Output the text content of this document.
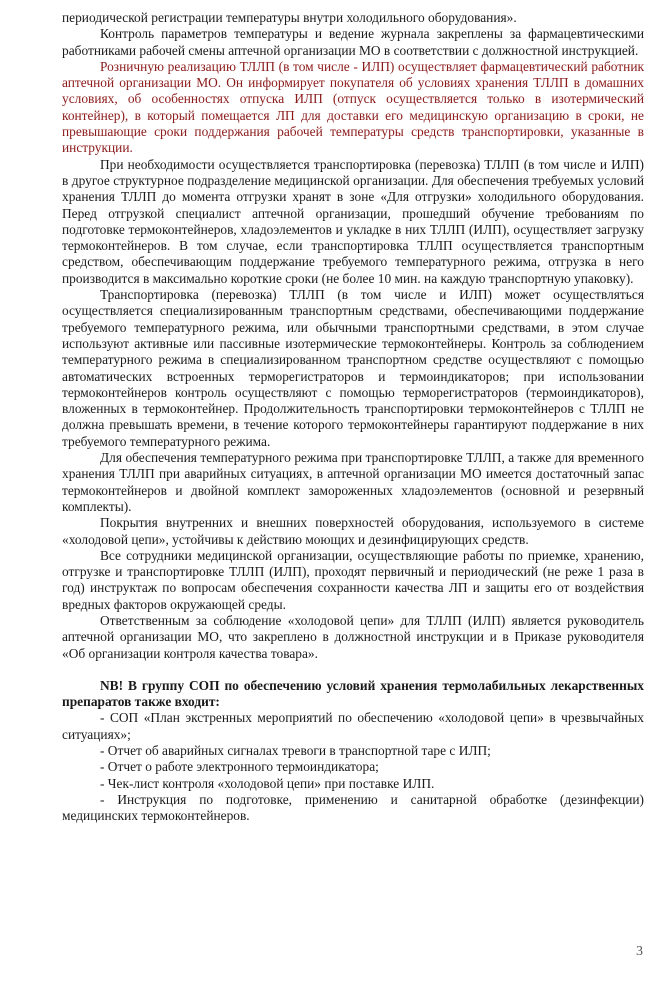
периодической регистрации температуры внутри холодильного оборудования».

Контроль параметров температуры и ведение журнала закреплены за фармацевтическими работниками рабочей смены аптечной организации МО в соответствии с должностной инструкцией.

Розничную реализацию ТЛЛП (в том числе - ИЛП) осуществляет фармацевтический работник аптечной организации МО. Он информирует покупателя об условиях хранения ТЛЛП в домашних условиях, об особенностях отпуска ИЛП (отпуск осуществляется только в изотермический контейнер), в который помещается ЛП для доставки его медицинскую организацию в сроки, не превышающие сроки поддержания рабочей температуры средств транспортировки, указанные в инструкции.

При необходимости осуществляется транспортировка (перевозка) ТЛЛП (в том числе и ИЛП) в другое структурное подразделение медицинской организации. Для обеспечения требуемых условий хранения ТЛЛП до момента отгрузки хранят в зоне «Для отгрузки» холодильного оборудования. Перед отгрузкой специалист аптечной организации, прошедший обучение требованиям по подготовке термоконтейнеров, хладоэлементов и укладке в них ТЛЛП (ИЛП), осуществляет загрузку термоконтейнеров. В том случае, если транспортировка ТЛЛП осуществляется транспортным средством, обеспечивающим поддержание требуемого температурного режима, отгрузка в него производится в максимально короткие сроки (не более 10 мин. на каждую транспортную упаковку).

Транспортировка (перевозка) ТЛЛП (в том числе и ИЛП) может осуществляться осуществляется специализированным транспортным средствами, обеспечивающими поддержание требуемого температурного режима, или обычными транспортными средствами, в этом случае используют активные или пассивные изотермические термоконтейнеры. Контроль за соблюдением температурного режима в специализированном транспортном средстве осуществляют с помощью автоматических встроенных терморегистраторов и термоиндикаторов; при использовании термоконтейнеров контроль осуществляют с помощью терморегистраторов (термоиндикаторов), вложенных в термоконтейнер. Продолжительность транспортировки термоконтейнеров с ТЛЛП не должна превышать времени, в течение которого термоконтейнеры гарантируют поддержание в них требуемого температурного режима.

Для обеспечения температурного режима при транспортировке ТЛЛП, а также для временного хранения ТЛЛП при аварийных ситуациях, в аптечной организации МО имеется достаточный запас термоконтейнеров и двойной комплект замороженных хладоэлементов (основной и резервный комплекты).

Покрытия внутренних и внешних поверхностей оборудования, используемого в системе «холодовой цепи», устойчивы к действию моющих и дезинфицирующих средств.

Все сотрудники медицинской организации, осуществляющие работы по приемке, хранению, отгрузке и транспортировке ТЛЛП (ИЛП), проходят первичный и периодический (не реже 1 раза в год) инструктаж по вопросам обеспечения сохранности качества ЛП и защиты его от воздействия вредных факторов окружающей среды.

Ответственным за соблюдение «холодовой цепи» для ТЛЛП (ИЛП) является руководитель аптечной организации МО, что закреплено в должностной инструкции и в Приказе руководителя «Об организации контроля качества товара».

NB! В группу СОП по обеспечению условий хранения термолабильных лекарственных препаратов также входит:

- СОП «План экстренных мероприятий по обеспечению «холодовой цепи» в чрезвычайных ситуациях»;

- Отчет об аварийных сигналах тревоги в транспортной таре с ИЛП;

- Отчет о работе электронного термоиндикатора;

- Чек-лист контроля «холодовой цепи» при поставке ИЛП.

- Инструкция по подготовке, применению и санитарной обработке (дезинфекции) медицинских термоконтейнеров.

3
